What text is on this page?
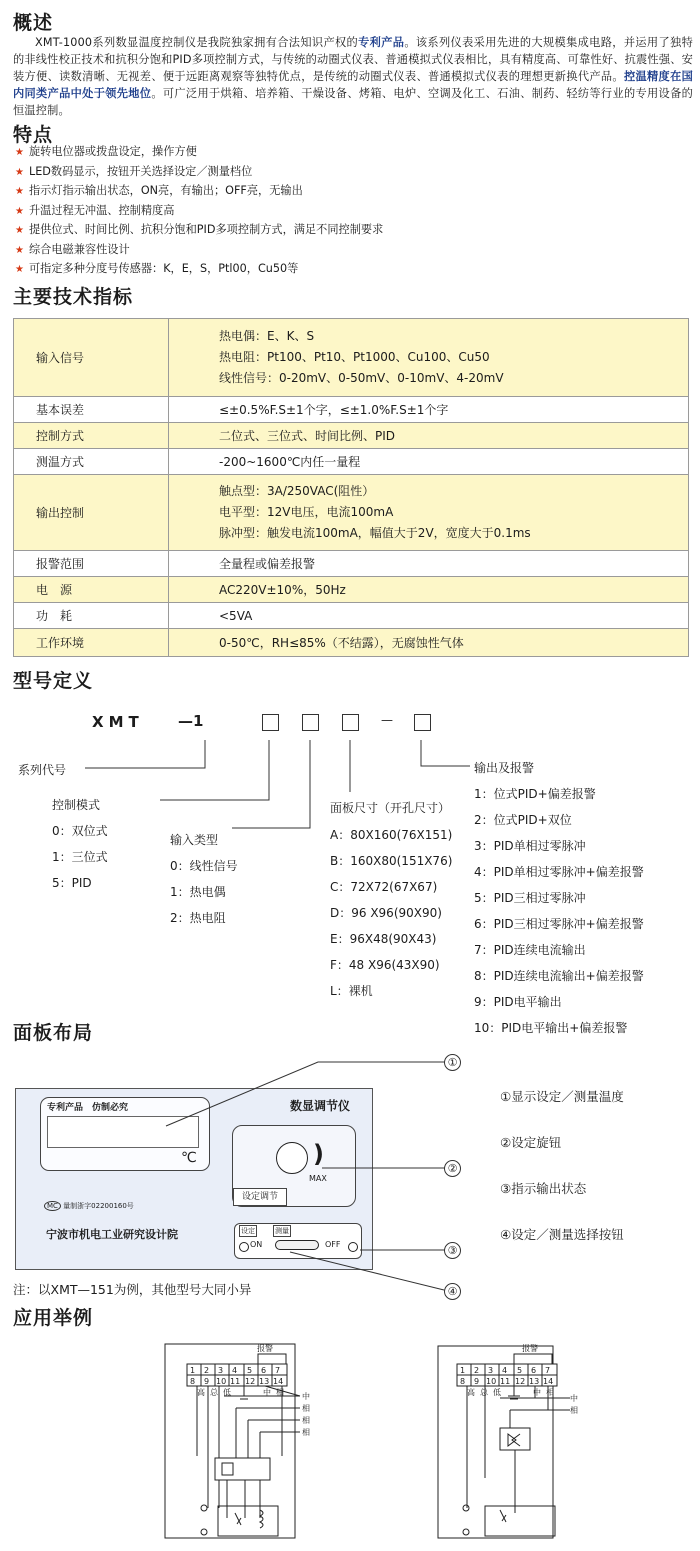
概述
XMT-1000系列数显温度控制仪是我院独家拥有合法知识产权的专利产品。该系列仪表采用先进的大规模集成电路，并运用了独特的非线性校正技术和抗积分饱和PID多项控制方式，与传统的动圈式仪表、普通模拟式仪表相比，具有精度高、可靠性好、抗震性强、安装方便、读数清晰、无视差、便于远距离观察等独特优点，是传统的动圈式仪表、普通模拟式仪表的理想更新换代产品。控温精度在国内同类产品中处于领先地位。可广泛用于烘箱、培养箱、干燥设备、烤箱、电炉、空调及化工、石油、制药、轻纺等行业的专用设备的恒温控制。
特点
★ 旋转电位器或拨盘设定，操作方便
★ LED数码显示，按钮开关选择设定／测量档位
★ 指示灯指示输出状态，ON亮，有输出；OFF亮，无输出
★ 升温过程无冲温、控制精度高
★ 提供位式、时间比例、抗积分饱和PID多项控制方式，满足不同控制要求
★ 综合电磁兼容性设计
★ 可指定多种分度号传感器：K，E，S，Ptl00，Cu50等
主要技术指标
输入信号	热电偶：E、K、S
热电阻：Pt100、Pt10、Pt1000、Cu100、Cu50
线性信号：0-20mV、0-50mV、0-10mV、4-20mV

基本误差	≤±0.5%F.S±1个字，≤±1.0%F.S±1个字
控制方式	二位式、三位式、时间比例、PID
测温方式	-200~1600℃内任一量程
输出控制	触点型：3A/250VAC(阻性）
电平型：12V电压，电流100mA
脉冲型：触发电流100mA，幅值大于2V，宽度大于0.1ms

报警范围	全量程或偏差报警
电　源	AC220V±10%，50Hz
功　耗	<5VA
工作环境	0-50℃，RH≤85%（不结露），无腐蚀性气体
型号定义
XMT —1	—
系列代号
控制模式
0：双位式
1：三位式
5：PID
输入类型
0：线性信号
1：热电偶
2：热电阻
面板尺寸（开孔尺寸）
A：80X160(76X151)
B：160X80(151X76)
C：72X72(67X67)
D：96 X96(90X90)
E：96X48(90X43)
F：48 X96(43X90)
L：裸机
输出及报警
1：位式PID+偏差报警
2：位式PID+双位
3：PID单相过零脉冲
4：PID单相过零脉冲+偏差报警
5：PID三相过零脉冲
6：PID三相过零脉冲+偏差报警
7：PID连续电流输出
8：PID连续电流输出+偏差报警
9：PID电平输出
10：PID电平输出+偏差报警
面板布局
专利产品　仿制必究
℃
数显调节仪
)
MAX
设定调节
MC 量制浙字02200160号
宁波市机电工业研究设计院	设定	测量
ON	OFF
①
②
③
④
①显示设定／测量温度
②设定旋钮
③指示输出状态
④设定／测量选择按钮
注：以XMT—151为例，其他型号大同小异
应用举例
报警
1 2 3 4 5 6 7
8 9 10 11 12 13 14
高 总 低	中 相 中
相
相
相
报警
1 2 3 4 5 6 7
8 9 10 11 12 13 14
高 总 低	中 相
中
相
